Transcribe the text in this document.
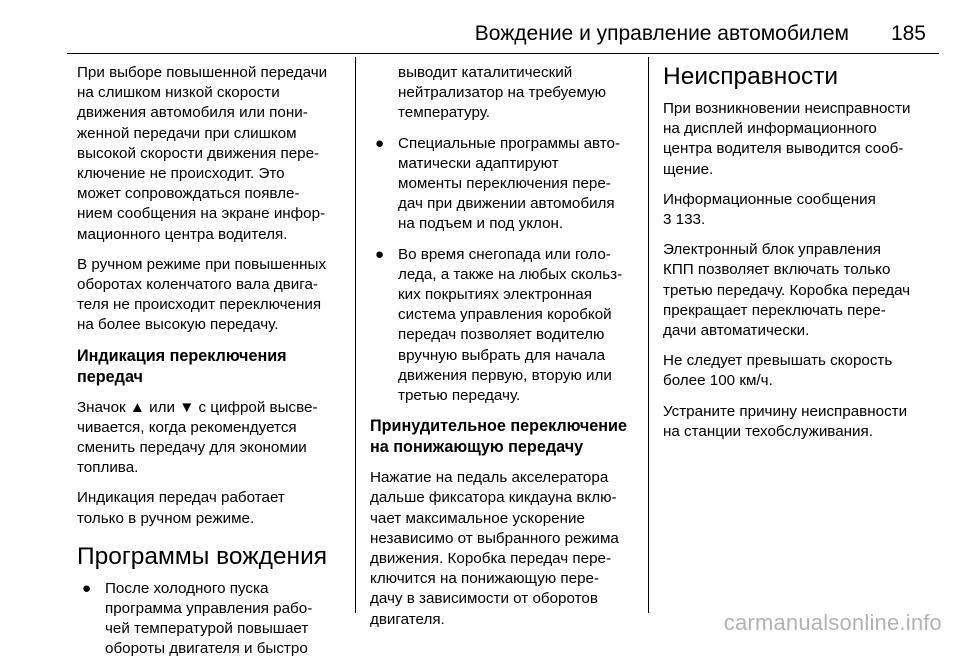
Вождение и управление автомобилем 185

При выборе повышенной передачи
на слишком низкой скорости
движения автомобиля или пони-
женной передачи при слишком
высокой скорости движения пере-
ключение не происходит. Это
может сопровождаться появле-
нием сообщения на экране инфор-
мационного центра водителя.

В ручном режиме при повышенных
оборотах коленчатого вала двига-
теля не происходит переключения
на более высокую передачу.

Индикация переключения
передач

Значок ▲ или ▼ с цифрой высве-
чивается, когда рекомендуется
сменить передачу для экономии
топлива.

Индикация передач работает
только в ручном режиме.

Программы вождения
● После холодного пуска
программа управления рабо-
чей температурой повышает
обороты двигателя и быстро
выводит каталитический
нейтрализатор на требуемую
температуру.
● Специальные программы авто-
матически адаптируют
моменты переключения пере-
дач при движении автомобиля
на подъем и под уклон.
● Во время снегопада или голо-
леда, а также на любых скольз-
ких покрытиях электронная
система управления коробкой
передач позволяет водителю
вручную выбрать для начала
движения первую, вторую или
третью передачу.
Принудительное переключение
на понижающую передачу

Нажатие на педаль акселератора
дальше фиксатора кикдауна вклю-
чает максимальное ускорение
независимо от выбранного режима
движения. Коробка передач пере-
ключится на понижающую пере-
дачу в зависимости от оборотов
двигателя.

Неисправности

При возникновении неисправности
на дисплей информационного
центра водителя выводится сооб-
щение.

Информационные сообщения
3 133.

Электронный блок управления
КПП позволяет включать только
третью передачу. Коробка передач
прекращает переключать пере-
дачи автоматически.

Не следует превышать скорость
более 100 км/ч.

Устраните причину неисправности
на станции техобслуживания.

carmanualsonline.info
